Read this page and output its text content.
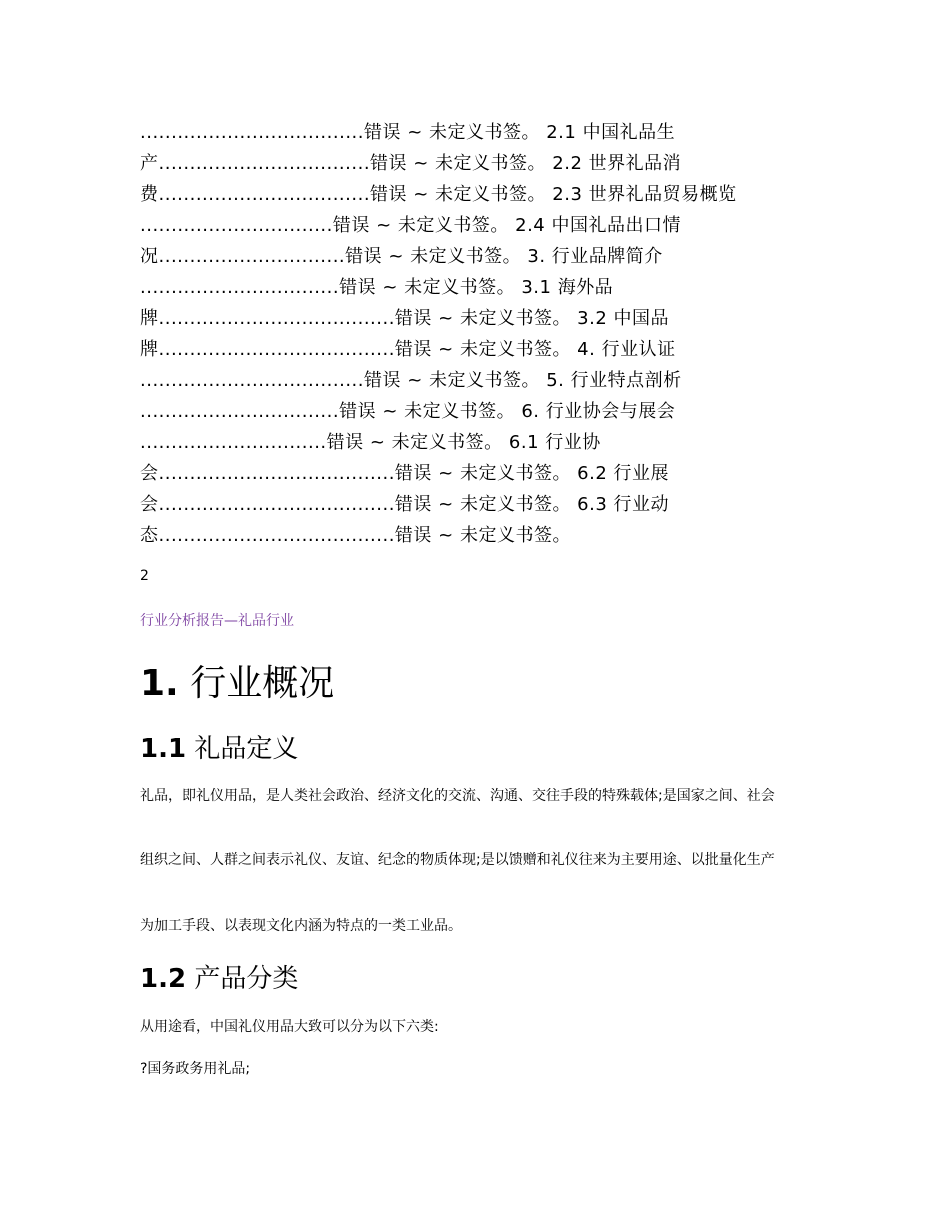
....................................错误 ~ 未定义书签。 2.1 中国礼品生
产..................................错误 ~ 未定义书签。 2.2 世界礼品消
费..................................错误 ~ 未定义书签。 2.3 世界礼品贸易概览
...............................错误 ~ 未定义书签。 2.4 中国礼品出口情
况..............................错误 ~ 未定义书签。 3. 行业品牌简介
................................错误 ~ 未定义书签。 3.1 海外品
牌......................................错误 ~ 未定义书签。 3.2 中国品
牌......................................错误 ~ 未定义书签。 4. 行业认证
....................................错误 ~ 未定义书签。 5. 行业特点剖析
................................错误 ~ 未定义书签。 6. 行业协会与展会
..............................错误 ~ 未定义书签。 6.1 行业协
会......................................错误 ~ 未定义书签。 6.2 行业展
会......................................错误 ~ 未定义书签。 6.3 行业动
态......................................错误 ~ 未定义书签。
2
行业分析报告—礼品行业
1. 行业概况
1.1 礼品定义

礼品，即礼仪用品，是人类社会政治、经济文化的交流、沟通、交往手段的特殊载体;是国家之间、社会

组织之间、人群之间表示礼仪、友谊、纪念的物质体现;是以馈赠和礼仪往来为主要用途、以批量化生产

为加工手段、以表现文化内涵为特点的一类工业品。

1.2 产品分类

从用途看，中国礼仪用品大致可以分为以下六类:

?国务政务用礼品;
